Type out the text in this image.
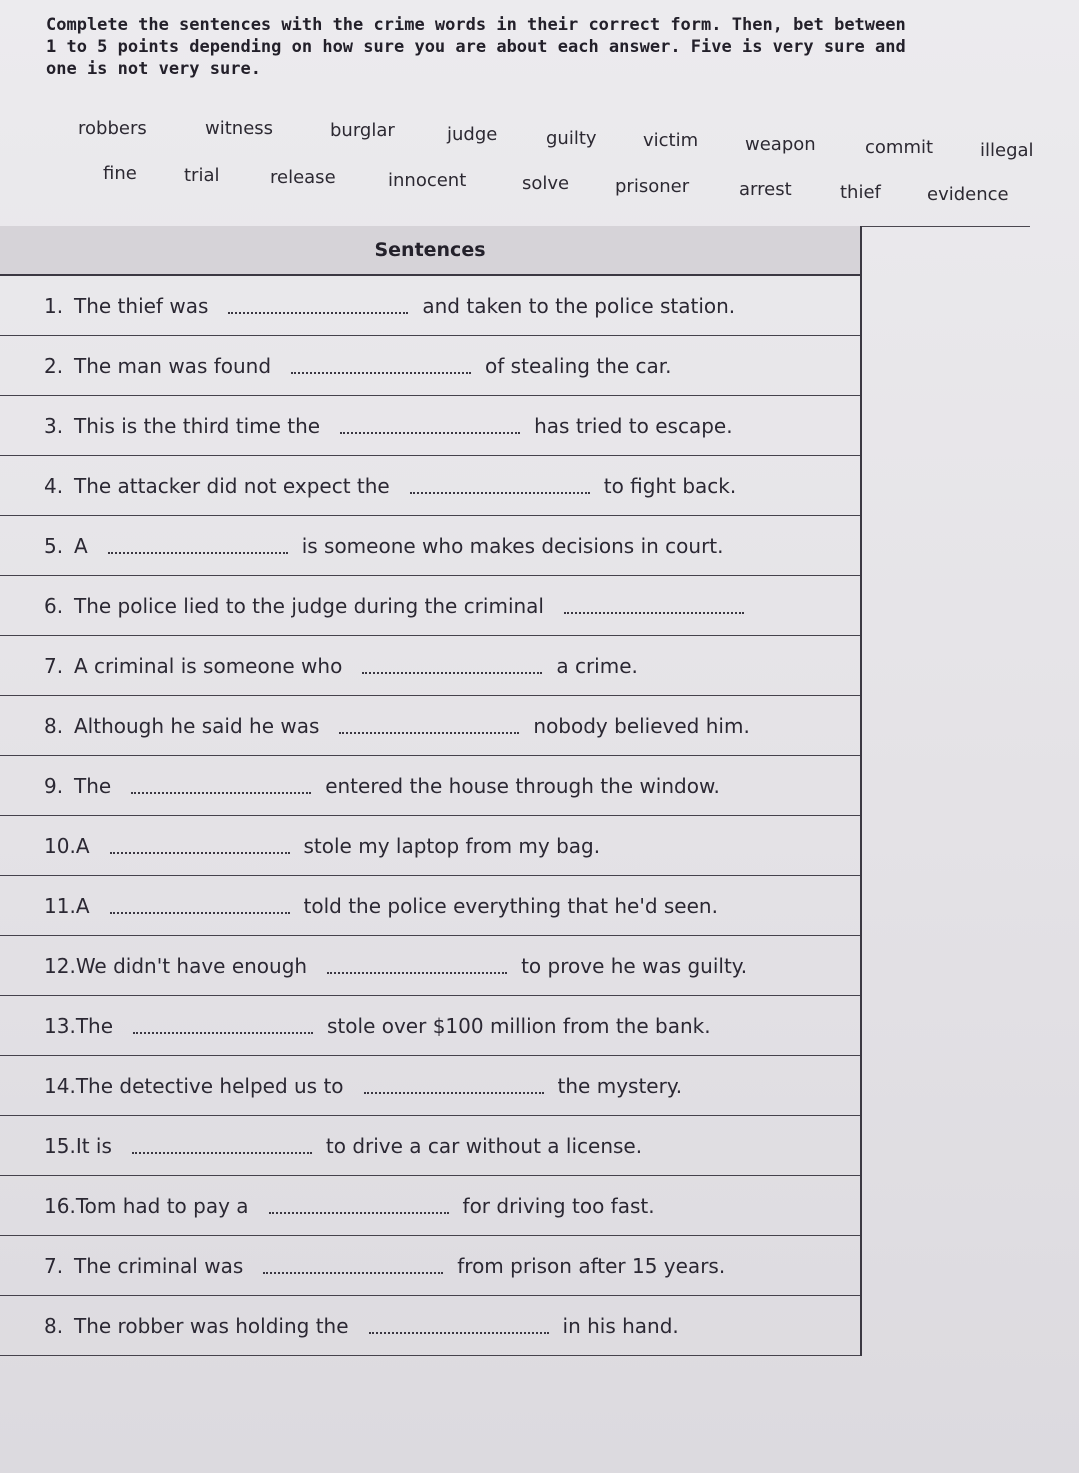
Complete the sentences with the crime words in their correct form. Then, bet between
1 to 5 points depending on how sure you are about each answer. Five is very sure and
one is not very sure.
robbers	witness	burglar	judge	guilty	victim	weapon	commit	illegal
fine	trial	release	innocent	solve	prisoner	arrest	thief	evidence
Sentences
1. The thief was	and taken to the police station.
2. The man was found	of stealing the car.
3. This is the third time the	has tried to escape.
4. The attacker did not expect the	to fight back.
5. A	is someone who makes decisions in court.
6. The police lied to the judge during the criminal
7. A criminal is someone who	a crime.
8. Although he said he was	nobody believed him.
9. The	entered the house through the window.
10. A	stole my laptop from my bag.
11. A	told the police everything that he'd seen.
12. We didn't have enough	to prove he was guilty.
13. The	stole over $100 million from the bank.
14. The detective helped us to	the mystery.
15. It is	to drive a car without a license.
16. Tom had to pay a	for driving too fast.
7. The criminal was	from prison after 15 years.
8. The robber was holding the	in his hand.
